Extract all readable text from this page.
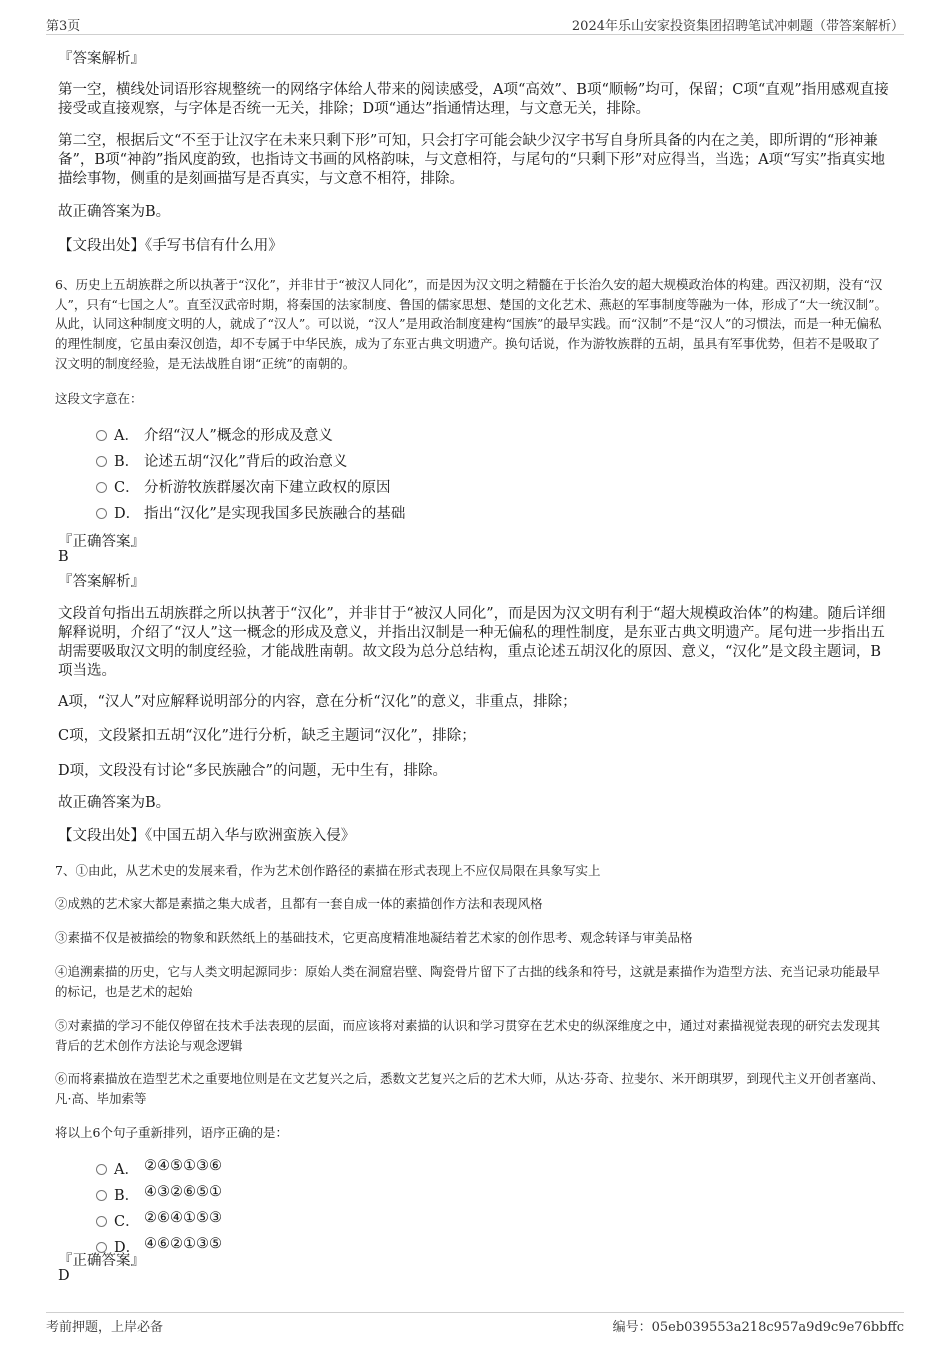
第3页	2024年乐山安家投资集团招聘笔试冲刺题（带答案解析）
『答案解析』
第一空，横线处词语形容规整统一的网络字体给人带来的阅读感受，A项“高效”、B项“顺畅”均可，保留；C项“直观”指用感观直接接受或直接观察，与字体是否统一无关，排除；D项“通达”指通情达理，与文意无关，排除。
第二空，根据后文“不至于让汉字在未来只剩下形”可知，只会打字可能会缺少汉字书写自身所具备的内在之美，即所谓的“形神兼备”，B项“神韵”指风度韵致，也指诗文书画的风格韵味，与文意相符，与尾句的“只剩下形”对应得当，当选；A项“写实”指真实地描绘事物，侧重的是刻画描写是否真实，与文意不相符，排除。
故正确答案为B。
【文段出处】《手写书信有什么用》
6、历史上五胡族群之所以执著于“汉化”，并非甘于“被汉人同化”，而是因为汉文明之精髓在于长治久安的超大规模政治体的构建。西汉初期，没有“汉人”，只有“七国之人”。直至汉武帝时期，将秦国的法家制度、鲁国的儒家思想、楚国的文化艺术、燕赵的军事制度等融为一体，形成了“大一统汉制”。从此，认同这种制度文明的人，就成了“汉人”。可以说，“汉人”是用政治制度建构“国族”的最早实践。而“汉制”不是“汉人”的习惯法，而是一种无偏私的理性制度，它虽由秦汉创造，却不专属于中华民族，成为了东亚古典文明遗产。换句话说，作为游牧族群的五胡，虽具有军事优势，但若不是吸取了汉文明的制度经验，是无法战胜自诩“正统”的南朝的。
这段文字意在：
A． 介绍“汉人”概念的形成及意义
B． 论述五胡“汉化”背后的政治意义
C． 分析游牧族群屡次南下建立政权的原因
D． 指出“汉化”是实现我国多民族融合的基础
『正确答案』
B
『答案解析』
文段首句指出五胡族群之所以执著于“汉化”，并非甘于“被汉人同化”，而是因为汉文明有利于“超大规模政治体”的构建。随后详细解释说明，介绍了“汉人”这一概念的形成及意义，并指出汉制是一种无偏私的理性制度，是东亚古典文明遗产。尾句进一步指出五胡需要吸取汉文明的制度经验，才能战胜南朝。故文段为总分总结构，重点论述五胡汉化的原因、意义，“汉化”是文段主题词，B项当选。
A项，“汉人”对应解释说明部分的内容，意在分析“汉化”的意义，非重点，排除；
C项，文段紧扣五胡“汉化”进行分析，缺乏主题词“汉化”，排除；
D项，文段没有讨论“多民族融合”的问题，无中生有，排除。
故正确答案为B。
【文段出处】《中国五胡入华与欧洲蛮族入侵》
7、①由此，从艺术史的发展来看，作为艺术创作路径的素描在形式表现上不应仅局限在具象写实上
②成熟的艺术家大都是素描之集大成者，且都有一套自成一体的素描创作方法和表现风格
③素描不仅是被描绘的物象和跃然纸上的基础技术，它更高度精准地凝结着艺术家的创作思考、观念转译与审美品格
④追溯素描的历史，它与人类文明起源同步：原始人类在洞窟岩壁、陶瓷骨片留下了古拙的线条和符号，这就是素描作为造型方法、充当记录功能最早的标记，也是艺术的起始
⑤对素描的学习不能仅停留在技术手法表现的层面，而应该将对素描的认识和学习贯穿在艺术史的纵深维度之中，通过对素描视觉表现的研究去发现其背后的艺术创作方法论与观念逻辑
⑥而将素描放在造型艺术之重要地位则是在文艺复兴之后，悉数文艺复兴之后的艺术大师，从达·芬奇、拉斐尔、米开朗琪罗，到现代主义开创者塞尚、凡·高、毕加索等
将以上6个句子重新排列，语序正确的是：
A． ②④⑤①③⑥
B． ④③②⑥⑤①
C． ②⑥④①⑤③
D． ④⑥②①③⑤
『正确答案』
D
考前押题，上岸必备	编号：05eb039553a218c957a9d9c9e76bbffc
